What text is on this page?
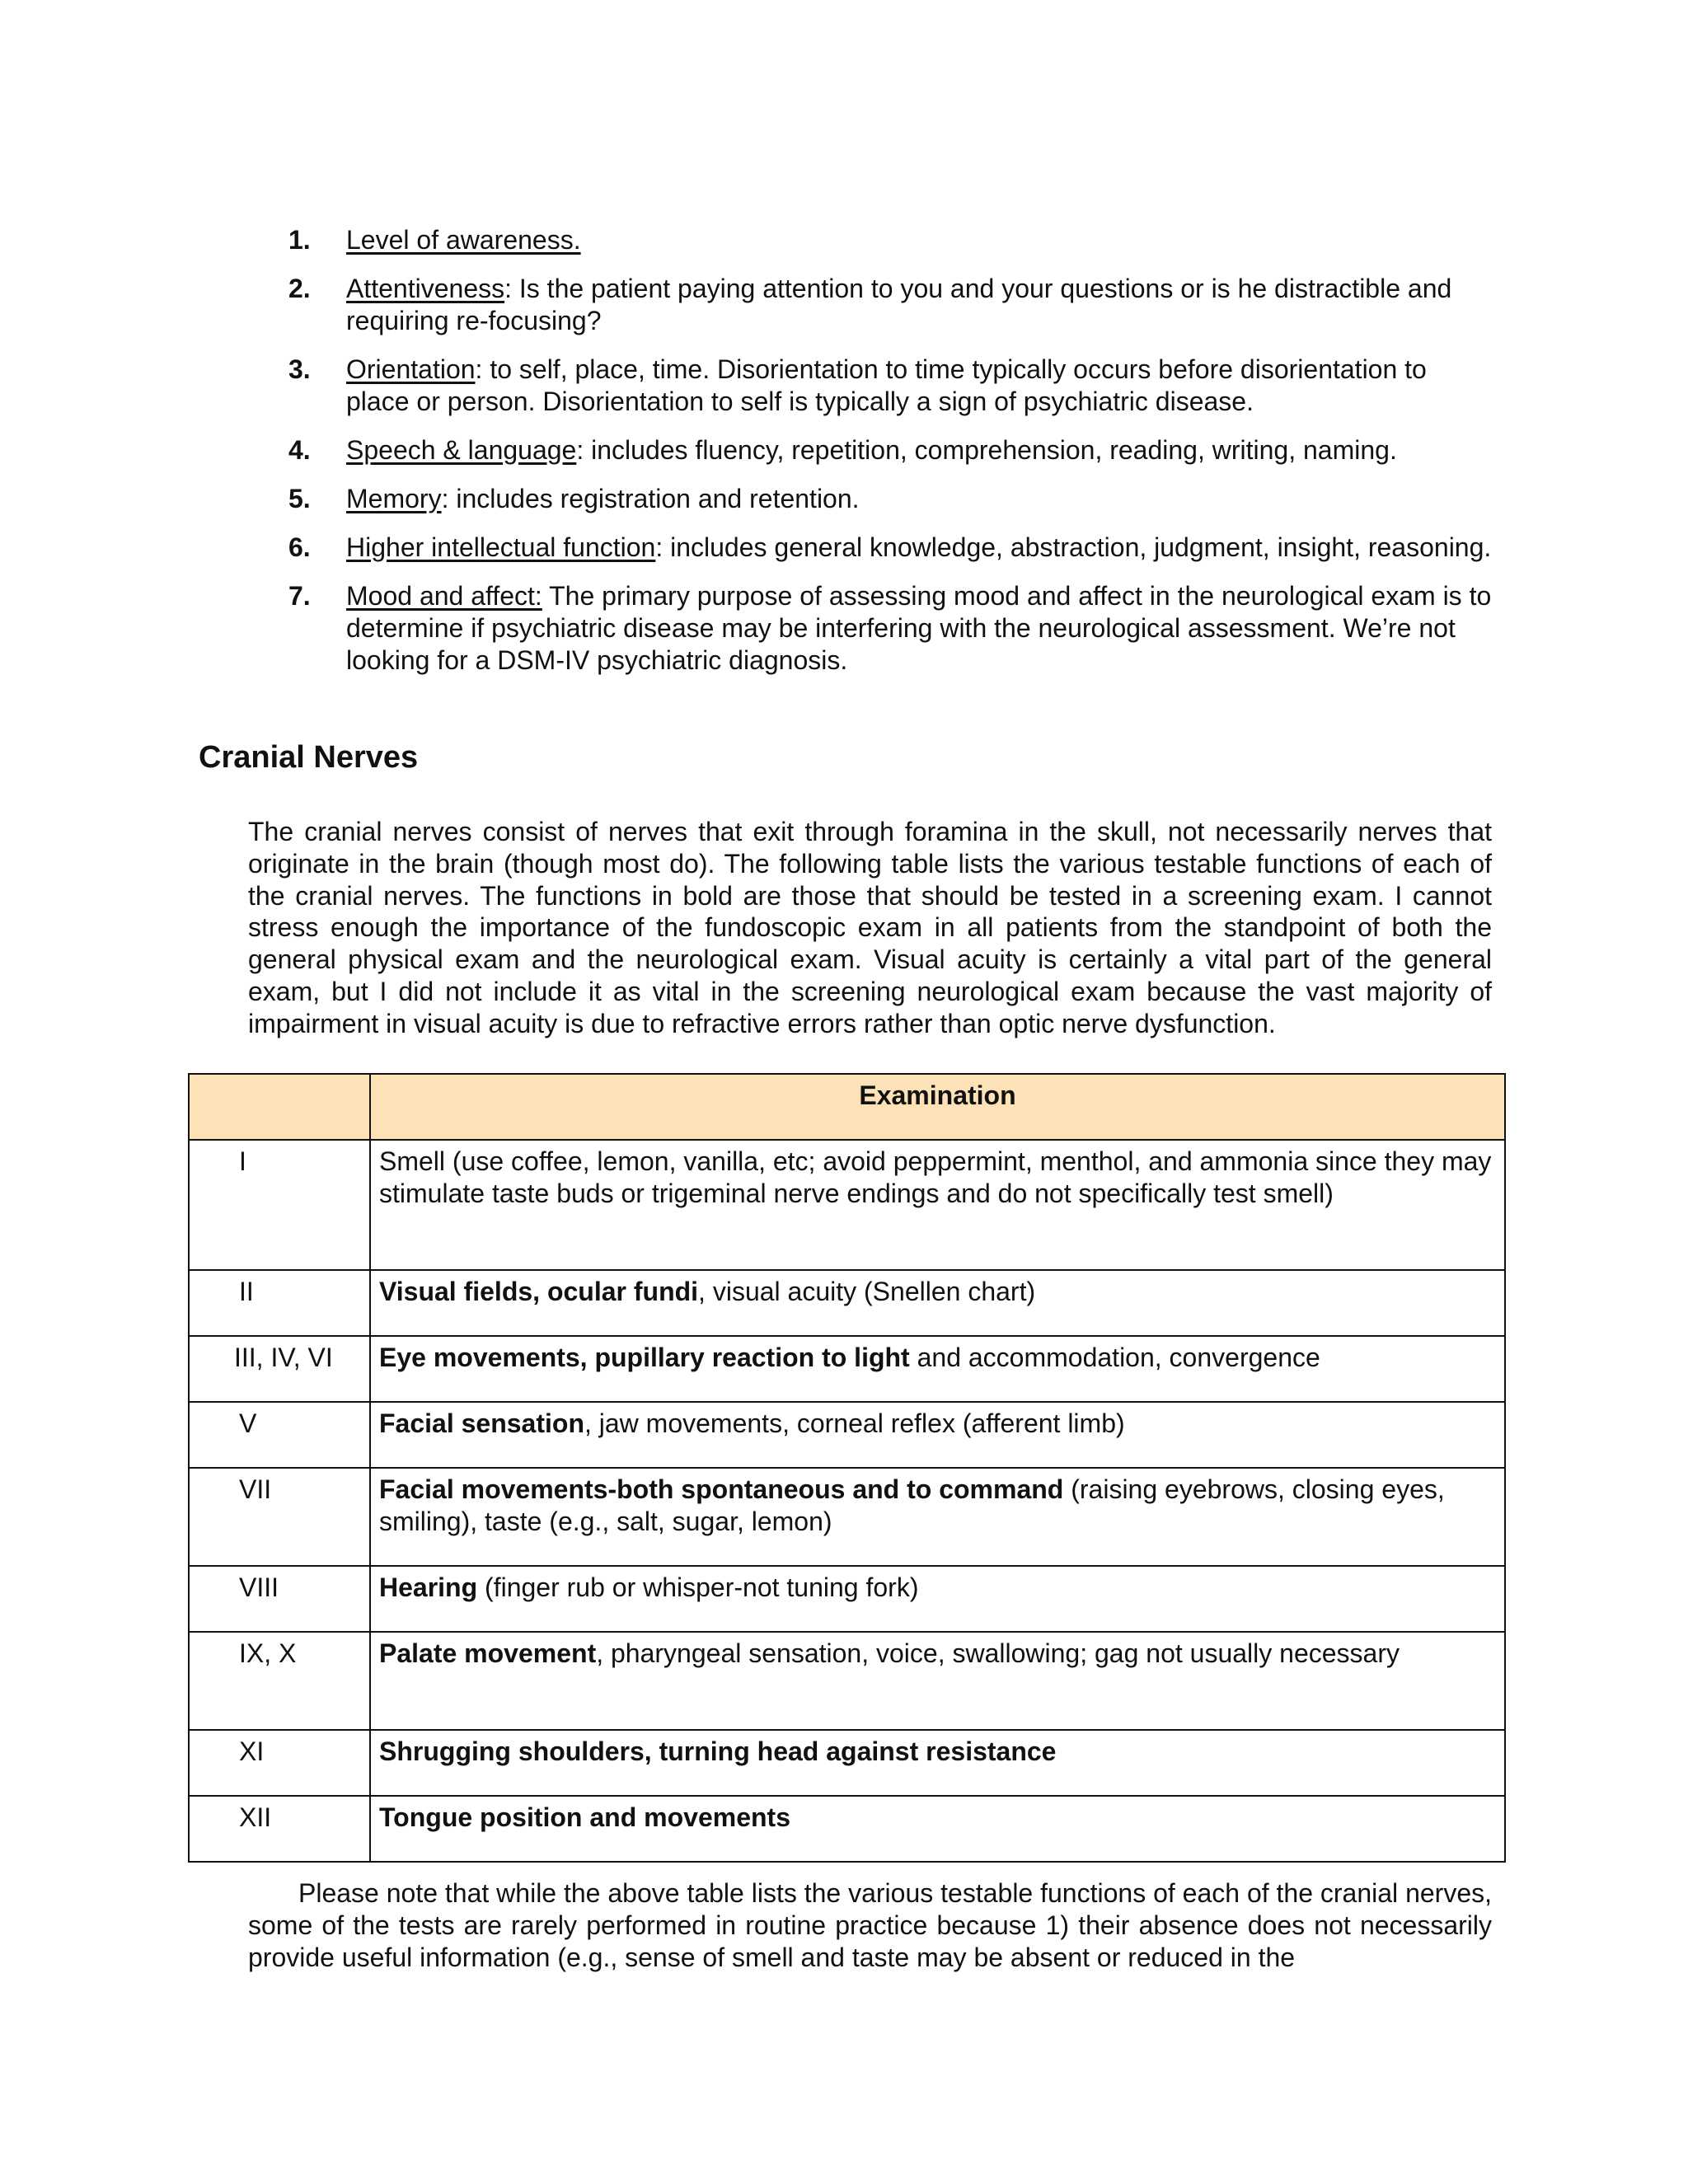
1.	Level of awareness.
2.	Attentiveness: Is the patient paying attention to you and your questions or is he distractible and requiring re-focusing?
3.	Orientation: to self, place, time. Disorientation to time typically occurs before disorientation to place or person. Disorientation to self is typically a sign of psychiatric disease.
4.	Speech & language: includes fluency, repetition, comprehension, reading, writing, naming.
5.	Memory: includes registration and retention.
6.	Higher intellectual function: includes general knowledge, abstraction, judgment, insight, reasoning.
7.	Mood and affect: The primary purpose of assessing mood and affect in the neurological exam is to determine if psychiatric disease may be interfering with the neurological assessment. We’re not looking for a DSM-IV psychiatric diagnosis.
Cranial Nerves

The cranial nerves consist of nerves that exit through foramina in the skull, not necessarily nerves that originate in the brain (though most do). The following table lists the various testable functions of each of the cranial nerves. The functions in bold are those that should be tested in a screening exam. I cannot stress enough the importance of the fundoscopic exam in all patients from the standpoint of both the general physical exam and the neurological exam. Visual acuity is certainly a vital part of the general exam, but I did not include it as vital in the screening neurological exam because the vast majority of impairment in visual acuity is due to refractive errors rather than optic nerve dysfunction.

	Examination
I	Smell (use coffee, lemon, vanilla, etc; avoid peppermint, menthol, and ammonia since they may stimulate taste buds or trigeminal nerve endings and do not specifically test smell)
II	Visual fields, ocular fundi, visual acuity (Snellen chart)
III, IV, VI	Eye movements, pupillary reaction to light and accommodation, convergence
V	Facial sensation, jaw movements, corneal reflex (afferent limb)
VII	Facial movements-both spontaneous and to command (raising eyebrows, closing eyes, smiling), taste (e.g., salt, sugar, lemon)
VIII	Hearing (finger rub or whisper-not tuning fork)
IX, X	Palate movement, pharyngeal sensation, voice, swallowing; gag not usually necessary
XI	Shrugging shoulders, turning head against resistance
XII	Tongue position and movements

Please note that while the above table lists the various testable functions of each of the cranial nerves, some of the tests are rarely performed in routine practice because 1) their absence does not necessarily provide useful information (e.g., sense of smell and taste may be absent or reduced in the
